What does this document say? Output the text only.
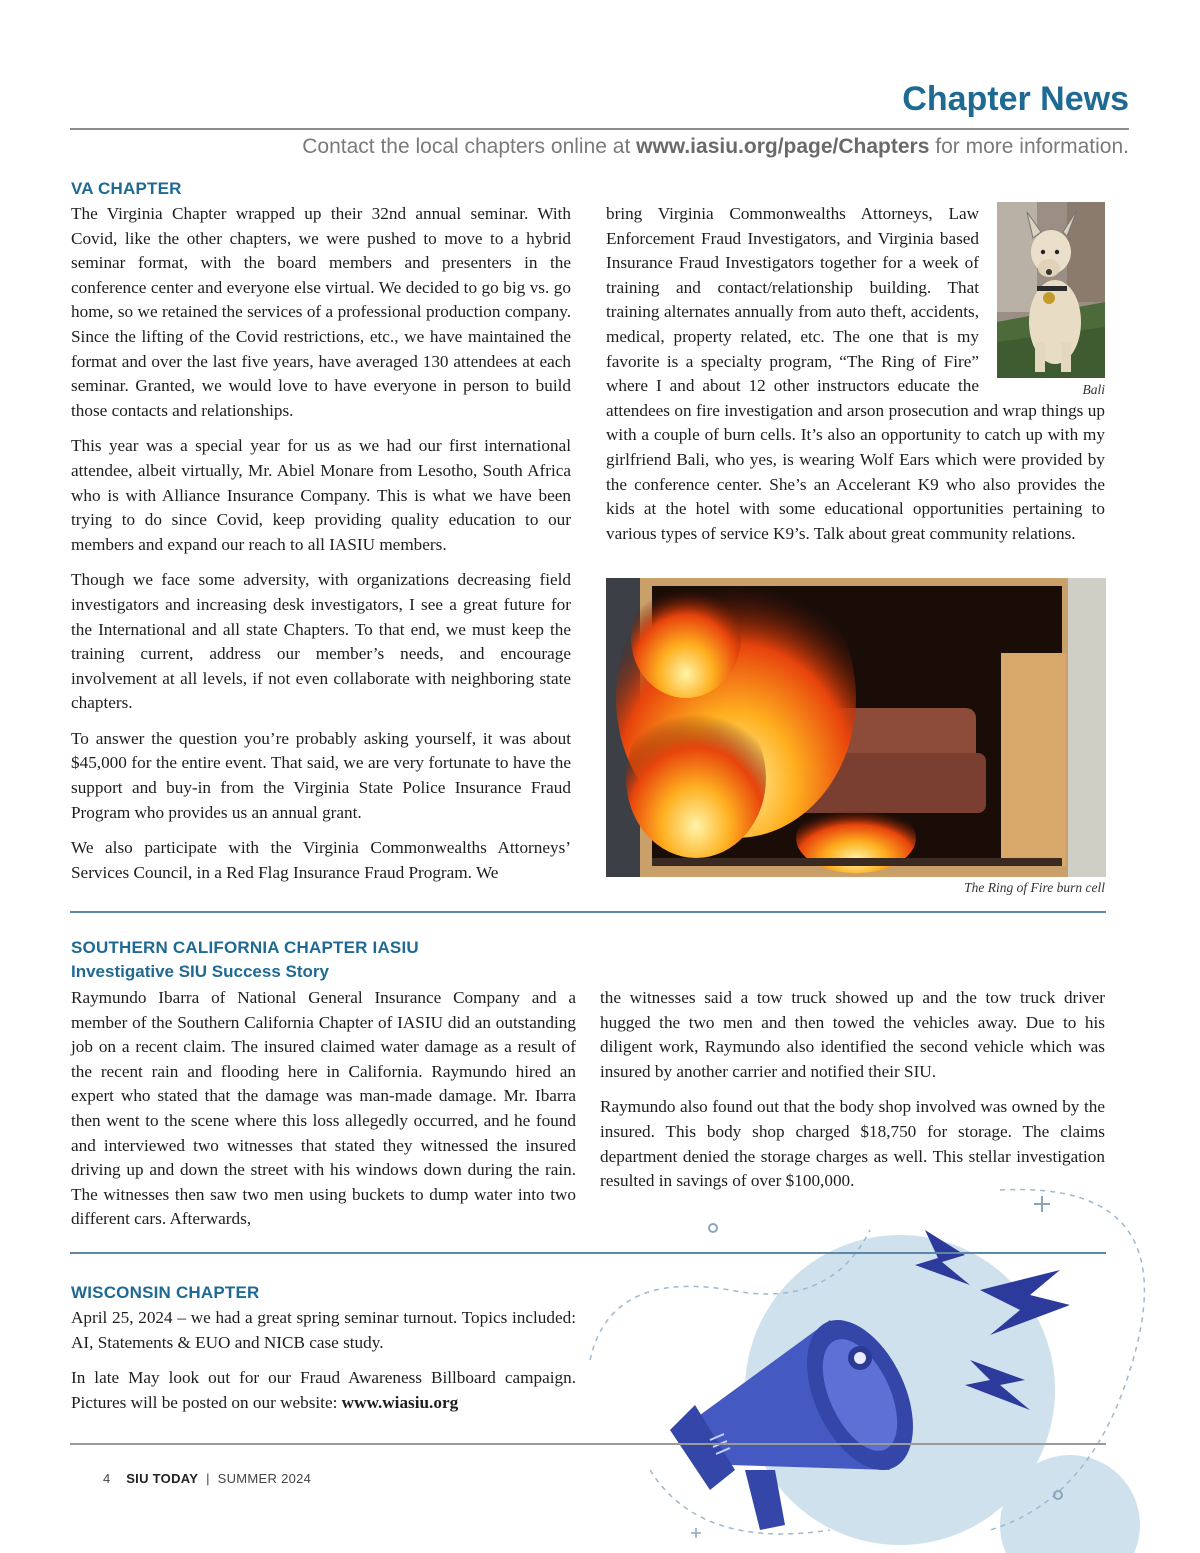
Chapter News
Contact the local chapters online at www.iasiu.org/page/Chapters for more information.
VA CHAPTER

The Virginia Chapter wrapped up their 32nd annual seminar. With Covid, like the other chapters, we were pushed to move to a hybrid seminar format, with the board members and presenters in the conference center and everyone else virtual. We decided to go big vs. go home, so we retained the services of a professional production company. Since the lifting of the Covid restrictions, etc., we have maintained the format and over the last five years, have averaged 130 attendees at each seminar. Granted, we would love to have everyone in person to build those contacts and relationships.

This year was a special year for us as we had our first international attendee, albeit virtually, Mr. Abiel Monare from Lesotho, South Africa who is with Alliance Insurance Company. This is what we have been trying to do since Covid, keep providing quality education to our members and expand our reach to all IASIU members.

Though we face some adversity, with organizations decreasing field investigators and increasing desk investigators, I see a great future for the International and all state Chapters. To that end, we must keep the training current, address our member’s needs, and encourage involvement at all levels, if not even collaborate with neighboring state chapters.

To answer the question you’re probably asking yourself, it was about $45,000 for the entire event. That said, we are very fortunate to have the support and buy-in from the Virginia State Police Insurance Fraud Program who provides us an annual grant.

We also participate with the Virginia Commonwealths Attorneys’ Services Council, in a Red Flag Insurance Fraud Program. We

bring Virginia Commonwealths Attorneys, Law Enforcement Fraud Investigators, and Virginia based Insurance Fraud Investigators together for a week of training and contact/relationship building. That training alternates annually from auto theft, accidents, medical, property related, etc. The one that is my favorite is a specialty program, “The Ring of Fire” where I and about 12 other instructors educate the attendees on fire investigation and arson prosecution and wrap things up with a couple of burn cells. It’s also an opportunity to catch up with my girlfriend Bali, who yes, is wearing Wolf Ears which were provided by the conference center. She’s an Accelerant K9 who also provides the kids at the hotel with some educational opportunities pertaining to various types of service K9’s. Talk about great community relations.

Bali
The Ring of Fire burn cell
SOUTHERN CALIFORNIA CHAPTER IASIU
Investigative SIU Success Story

Raymundo Ibarra of National General Insurance Company and a member of the Southern California Chapter of IASIU did an outstanding job on a recent claim. The insured claimed water damage as a result of the recent rain and flooding here in California. Raymundo hired an expert who stated that the damage was man-made damage. Mr. Ibarra then went to the scene where this loss allegedly occurred, and he found and interviewed two witnesses that stated they witnessed the insured driving up and down the street with his windows down during the rain. The witnesses then saw two men using buckets to dump water into two different cars. Afterwards,

the witnesses said a tow truck showed up and the tow truck driver hugged the two men and then towed the vehicles away. Due to his diligent work, Raymundo also identified the second vehicle which was insured by another carrier and notified their SIU.

Raymundo also found out that the body shop involved was owned by the insured. This body shop charged $18,750 for storage. The claims department denied the storage charges as well. This stellar investigation resulted in savings of over $100,000.

WISCONSIN CHAPTER

April 25, 2024 – we had a great spring seminar turnout. Topics included: AI, Statements & EUO and NICB case study.

In late May look out for our Fraud Awareness Billboard campaign. Pictures will be posted on our website: www.wiasiu.org

4 SIU TODAY | SUMMER 2024
